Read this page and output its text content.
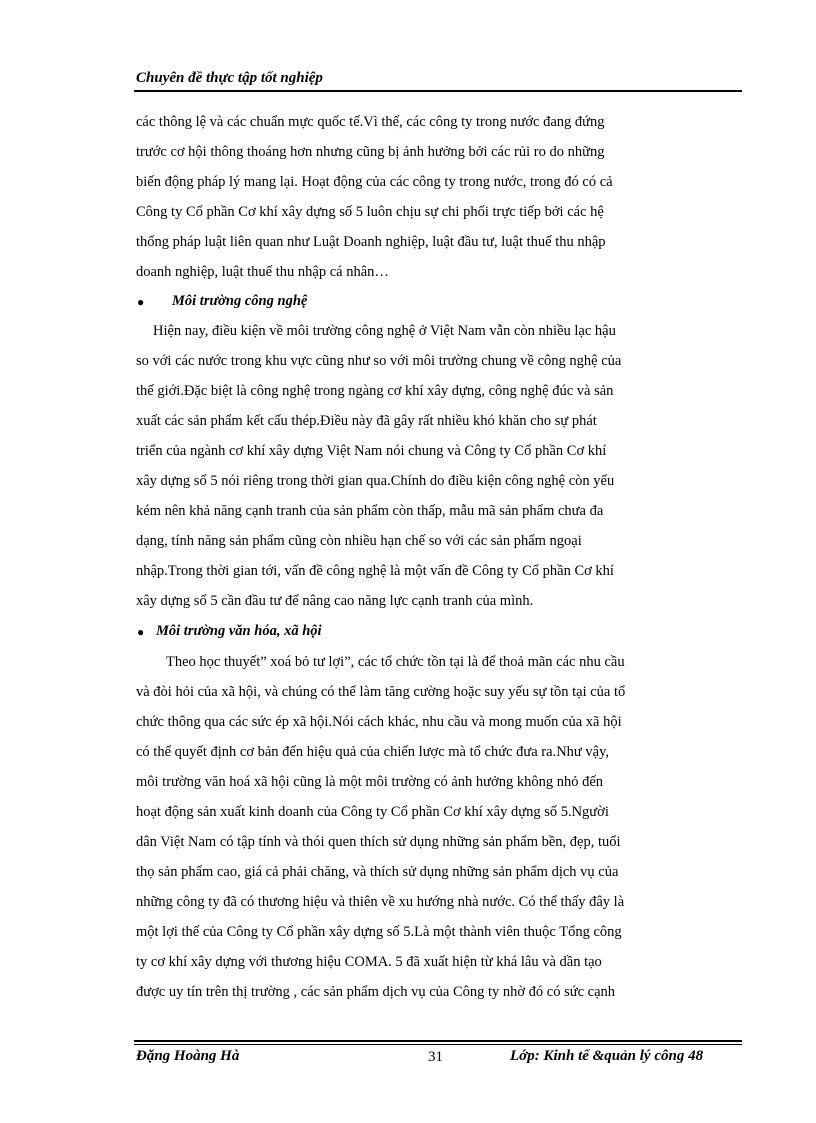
Chuyên đề thực tập tốt nghiệp
các thông lệ và các chuẩn mực quốc tế.Vì thế, các công ty trong nước đang đứng
trước cơ hội thông thoáng hơn nhưng cũng bị ảnh hưởng bởi các rủi ro do những
biến động pháp lý mang lại. Hoạt động của các công ty trong nước, trong đó có cả
Công ty Cổ phần Cơ khí xây dựng số 5 luôn chịu sự chi phối trực tiếp bởi các hệ
thống pháp luật liên quan như Luật Doanh nghiệp, luật đầu tư, luật thuế thu nhập
doanh nghiệp, luật thuế thu nhập cá nhân…
● Môi trường công nghệ
Hiện nay, điều kiện về môi trường công nghệ ở Việt Nam vẫn còn nhiều lạc hậu
so với các nước trong khu vực cũng như so với môi trường chung về công nghệ của
thế giới.Đặc biệt là công nghệ trong ngàng cơ khí xây dựng, công nghệ đúc và sản
xuất các sản phẩm kết cấu thép.Điều này đã gây rất nhiều khó khăn cho sự phát
triển của ngành cơ khí xây dựng Việt Nam nói chung và Công ty Cổ phần Cơ khí
xây dựng số 5 nói riêng trong thời gian qua.Chính do điều kiện công nghệ còn yếu
kém nên khả năng cạnh tranh của sản phẩm còn thấp, mẫu mã sản phẩm chưa đa
dạng, tính năng sản phẩm cũng còn nhiều hạn chế so với các sản phẩm ngoại
nhập.Trong thời gian tới, vấn đề công nghệ là một vấn đề Công ty Cổ phần Cơ khí
xây dựng số 5 cần đầu tư để nâng cao năng lực cạnh tranh của mình.
● Môi trường văn hóa, xã hội
Theo học thuyết” xoá bỏ tư lợi”, các tổ chức tồn tại là để thoả mãn các nhu cầu
và đòi hỏi của xã hội, và chúng có thể làm tăng cường hoặc suy yếu sự tồn tại của tổ
chức thông qua các sức ép xã hội.Nói cách khác, nhu cầu và mong muốn của xã hội
có thể quyết định cơ bản đến hiệu quả của chiến lược mà tổ chức đưa ra.Như vậy,
môi trường văn hoá xã hội cũng là một môi trường có ảnh hưởng không nhỏ đến
hoạt động sản xuất kinh doanh của Công ty Cổ phần Cơ khí xây dựng số 5.Người
dân Việt Nam có tập tính và thói quen thích sử dụng những sản phẩm bền, đẹp, tuổi
thọ sản phẩm cao, giá cả phải chăng, và thích sử dụng những sản phẩm dịch vụ của
những công ty đã có thương hiệu và thiên về xu hướng nhà nước. Có thể thấy đây là
một lợi thế của Công ty Cổ phần xây dựng số 5.Là một thành viên thuộc Tổng công
ty cơ khí xây dựng với thương hiệu COMA. 5 đã xuất hiện từ khá lâu và dần tạo
được uy tín trên thị trường , các sản phẩm dịch vụ của Công ty nhờ đó có sức cạnh
Đặng Hoàng Hà	31	Lớp: Kinh tế &quản lý công 48
